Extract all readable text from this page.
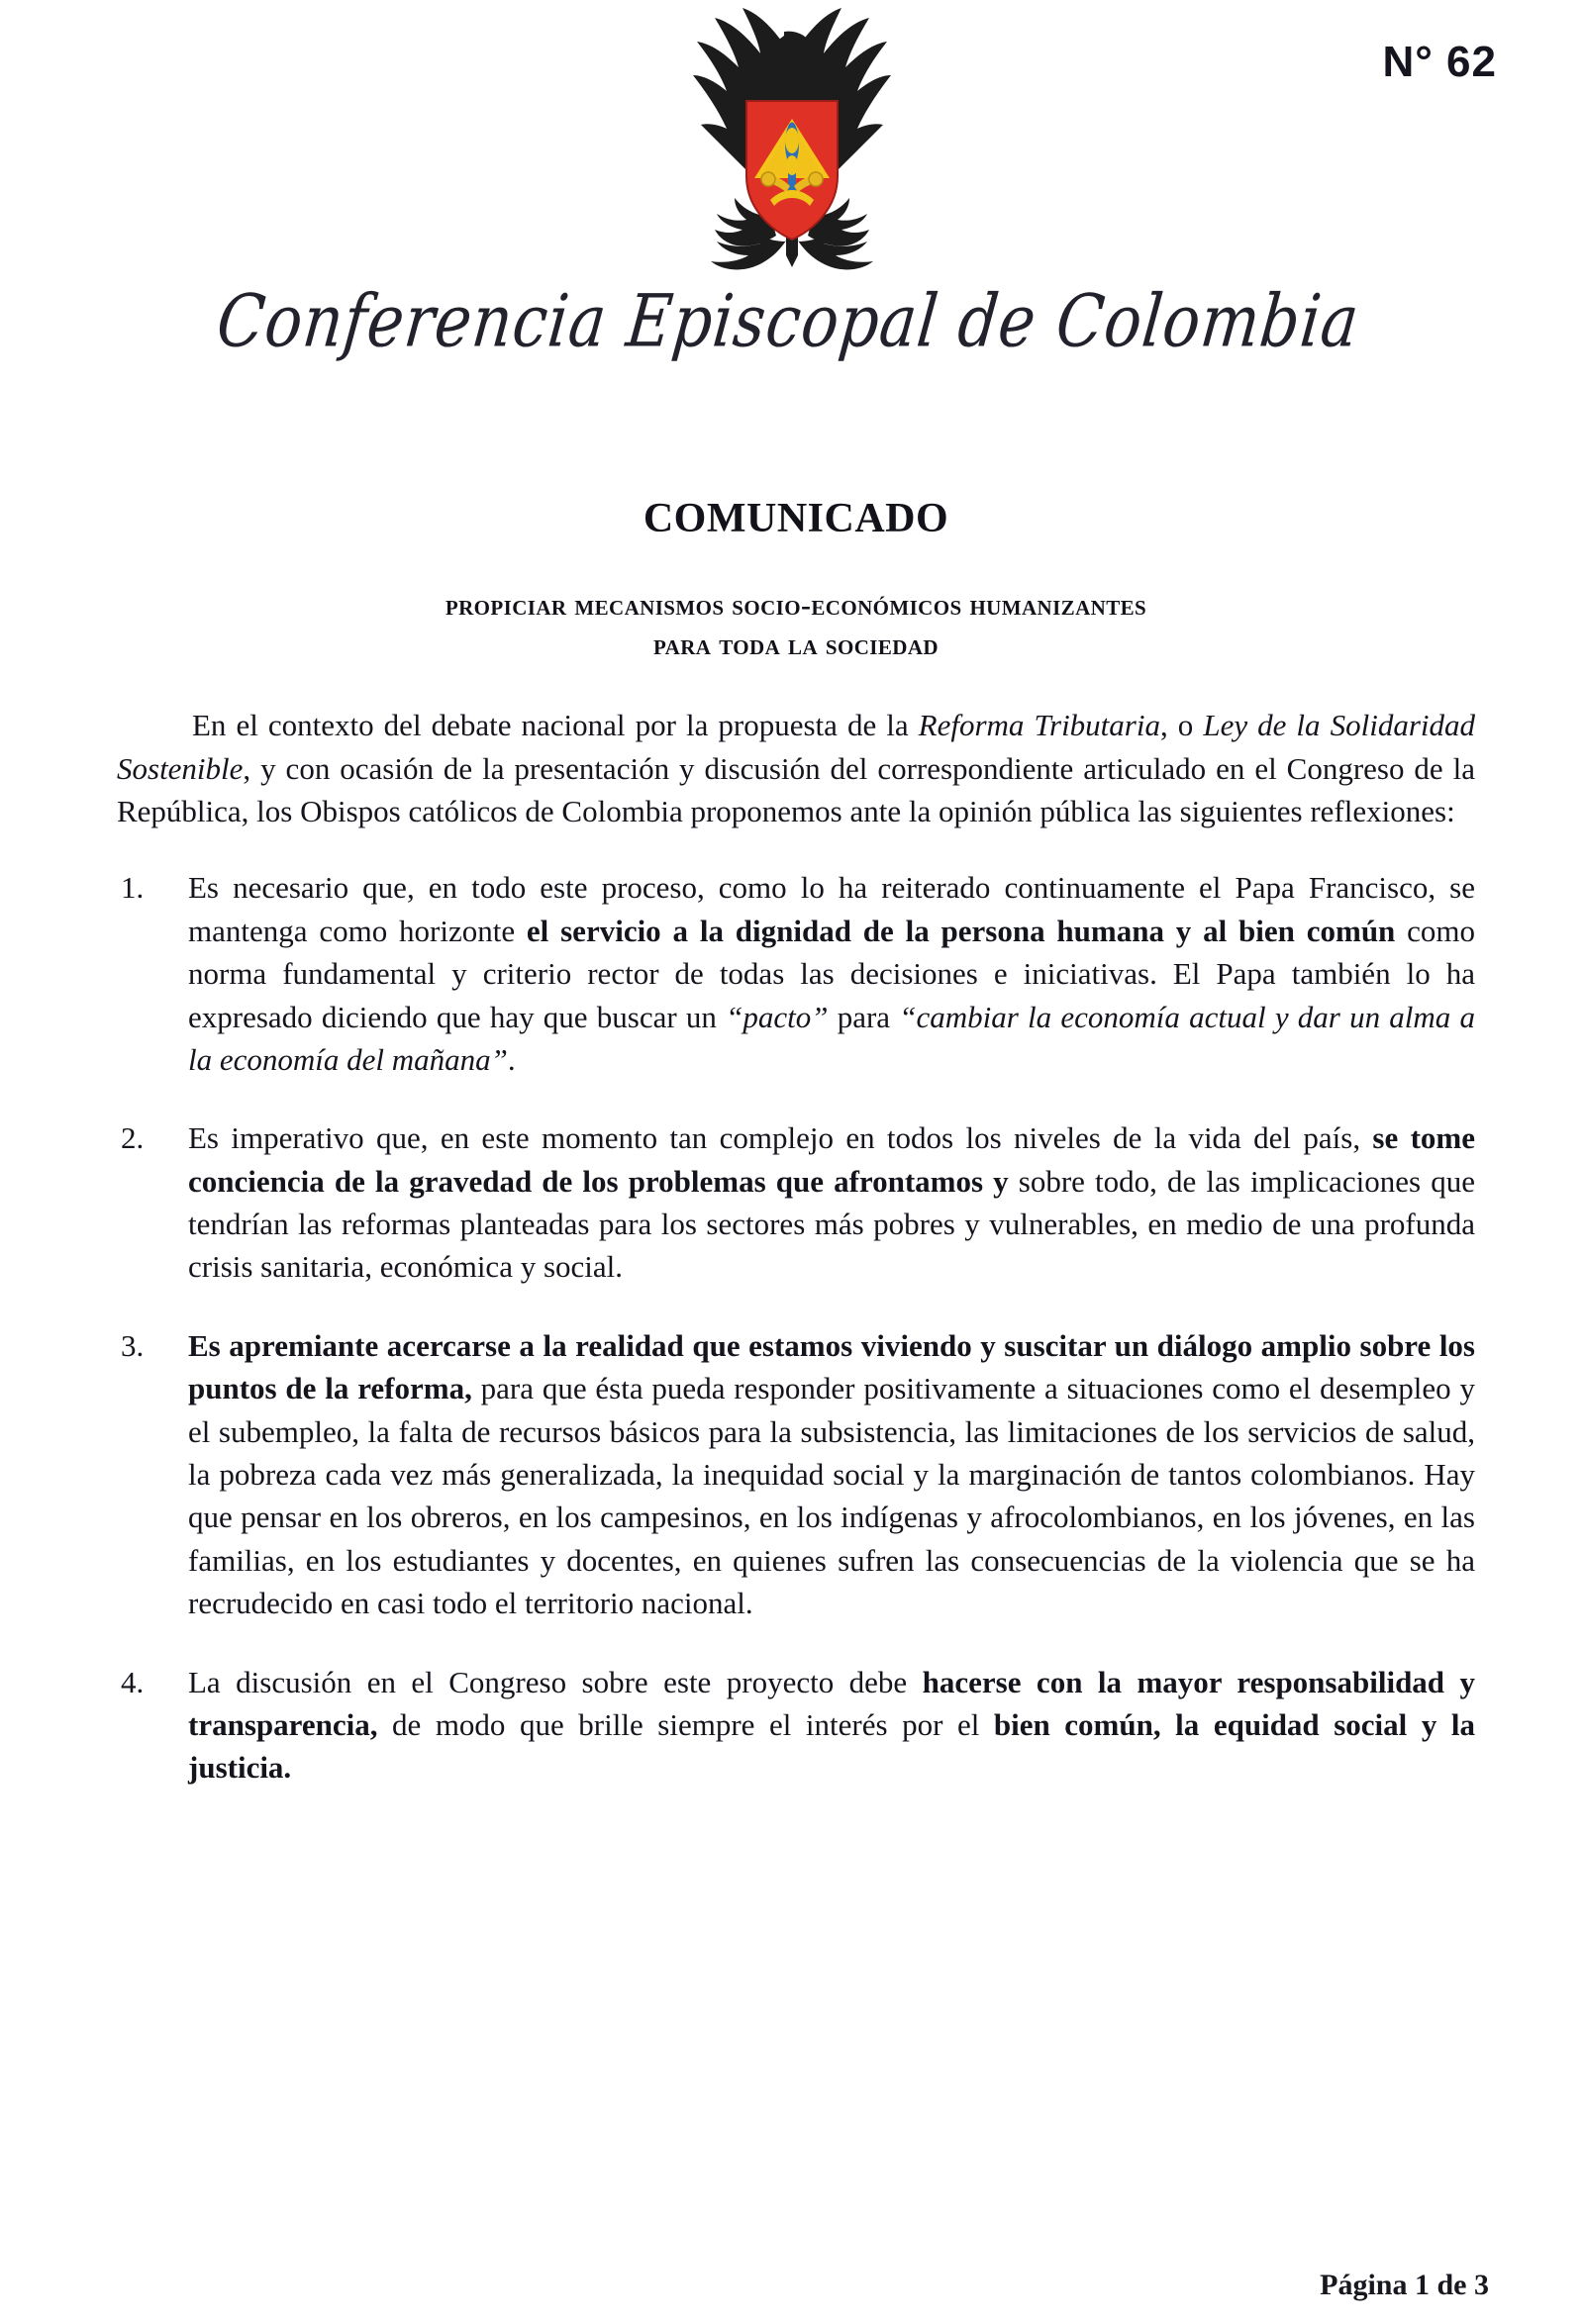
N° 62
Conferencia Episcopal de Colombia
COMUNICADO
propiciar mecanismos socio-económicos humanizantes
para toda la sociedad

En el contexto del debate nacional por la propuesta de la Reforma Tributaria, o Ley de la Solidaridad Sostenible, y con ocasión de la presentación y discusión del correspondiente articulado en el Congreso de la República, los Obispos católicos de Colombia proponemos ante la opinión pública las siguientes reflexiones:

1.	Es necesario que, en todo este proceso, como lo ha reiterado continuamente el Papa Francisco, se mantenga como horizonte el servicio a la dignidad de la persona humana y al bien común como norma fundamental y criterio rector de todas las decisiones e iniciativas. El Papa también lo ha expresado diciendo que hay que buscar un “pacto” para “cambiar la economía actual y dar un alma a la economía del mañana”.
2.	Es imperativo que, en este momento tan complejo en todos los niveles de la vida del país, se tome conciencia de la gravedad de los problemas que afrontamos y sobre todo, de las implicaciones que tendrían las reformas planteadas para los sectores más pobres y vulnerables, en medio de una profunda crisis sanitaria, económica y social.
3.	Es apremiante acercarse a la realidad que estamos viviendo y suscitar un diálogo amplio sobre los puntos de la reforma, para que ésta pueda responder positivamente a situaciones como el desempleo y el subempleo, la falta de recursos básicos para la subsistencia, las limitaciones de los servicios de salud, la pobreza cada vez más generalizada, la inequidad social y la marginación de tantos colombianos. Hay que pensar en los obreros, en los campesinos, en los indígenas y afrocolombianos, en los jóvenes, en las familias, en los estudiantes y docentes, en quienes sufren las consecuencias de la violencia que se ha recrudecido en casi todo el territorio nacional.
4.	La discusión en el Congreso sobre este proyecto debe hacerse con la mayor responsabilidad y transparencia, de modo que brille siempre el interés por el bien común, la equidad social y la justicia.
Página 1 de 3
